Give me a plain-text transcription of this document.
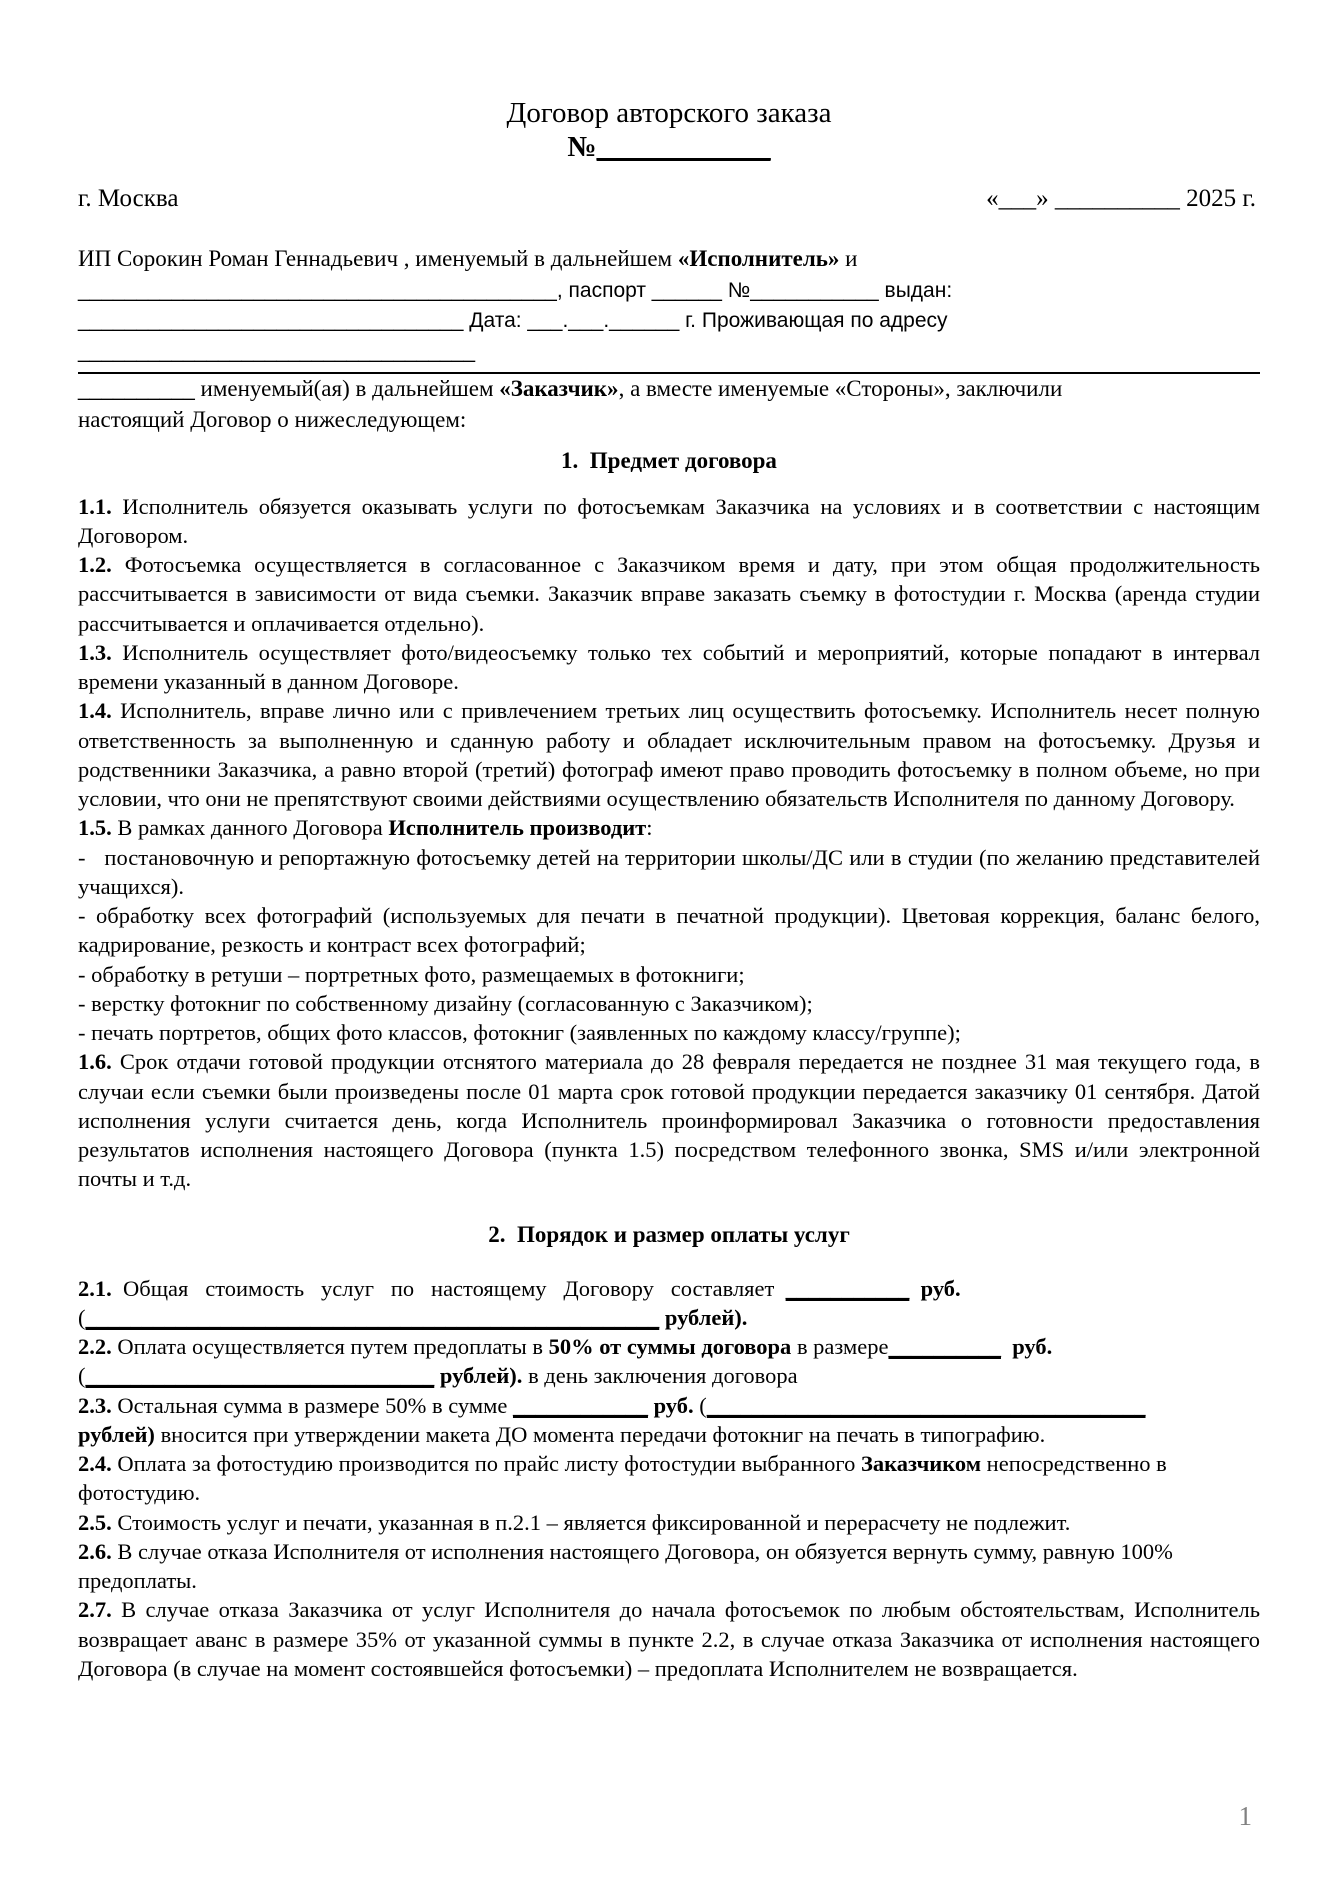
Договор авторского заказа
№____________
г. Москва	«___» __________ 2025 г.
ИП Сорокин Роман Геннадьевич , именуемый в дальнейшем «Исполнитель» и
_________________________________________, паспорт ______ №___________ выдан:
_________________________________ Дата: ___.___.______ г. Проживающая по адресу
__________________________________
__________ именуемый(ая) в дальнейшем «Заказчик», а вместе именуемые «Стороны», заключили
настоящий Договор о нижеследующем:
1.  Предмет договора

1.1. Исполнитель обязуется оказывать услуги по фотосъемкам Заказчика на условиях и в соответствии с настоящим Договором.

1.2. Фотосъемка осуществляется в согласованное с Заказчиком время и дату, при этом общая продолжительность рассчитывается в зависимости от вида съемки. Заказчик вправе заказать съемку в фотостудии г. Москва (аренда студии рассчитывается и оплачивается отдельно).

1.3. Исполнитель осуществляет фото/видеосъемку только тех событий и мероприятий, которые попадают в интервал времени указанный в данном Договоре.

1.4. Исполнитель, вправе лично или с привлечением третьих лиц осуществить фотосъемку. Исполнитель несет полную ответственность за выполненную и сданную работу и обладает исключительным правом на фотосъемку. Друзья и родственники Заказчика, а равно второй (третий) фотограф имеют право проводить фотосъемку в полном объеме, но при условии, что они не препятствуют своими действиями осуществлению обязательств Исполнителя по данному Договору.

1.5. В рамках данного Договора Исполнитель производит:

-   постановочную и репортажную фотосъемку детей на территории школы/ДС или в студии (по желанию представителей учащихся).

- обработку всех фотографий (используемых для печати в печатной продукции). Цветовая коррекция, баланс белого, кадрирование, резкость и контраст всех фотографий;

- обработку в ретуши – портретных фото, размещаемых в фотокниги;

- верстку фотокниг по собственному дизайну (согласованную с Заказчиком);

- печать портретов, общих фото классов, фотокниг (заявленных по каждому классу/группе);

1.6. Срок отдачи готовой продукции отснятого материала до 28 февраля передается не позднее 31 мая текущего года, в случаи если съемки были произведены после 01 марта срок готовой продукции передается заказчику 01 сентября. Датой исполнения услуги считается день, когда Исполнитель проинформировал Заказчика о готовности предоставления результатов исполнения настоящего Договора (пункта 1.5) посредством телефонного звонка, SMS и/или электронной почты и т.д.

2.  Порядок и размер оплаты услуг

2.1. Общая   стоимость   услуг   по   настоящему   Договору   составляет ___________ руб.

(___________________________________________________ рублей).

2.2. Оплата осуществляется путем предоплаты в 50% от суммы договора в размере__________ руб.

(_______________________________ рублей). в день заключения договора

2.3. Остальная сумма в размере 50% в сумме ____________ руб. (_______________________________________

рублей) вносится при утверждении макета ДО момента передачи фотокниг на печать в типографию.

2.4. Оплата за фотостудию производится по прайс листу фотостудии выбранного Заказчиком непосредственно в фотостудию.

2.5. Стоимость услуг и печати, указанная в п.2.1 – является фиксированной и перерасчету не подлежит.

2.6. В случае отказа Исполнителя от исполнения настоящего Договора, он обязуется вернуть сумму, равную 100% предоплаты.

2.7. В случае отказа Заказчика от услуг Исполнителя до начала фотосъемок по любым обстоятельствам, Исполнитель возвращает аванс в размере 35% от указанной суммы в пункте 2.2, в случае отказа Заказчика от исполнения настоящего Договора (в случае на момент состоявшейся фотосъемки) – предоплата Исполнителем не возвращается.

1
